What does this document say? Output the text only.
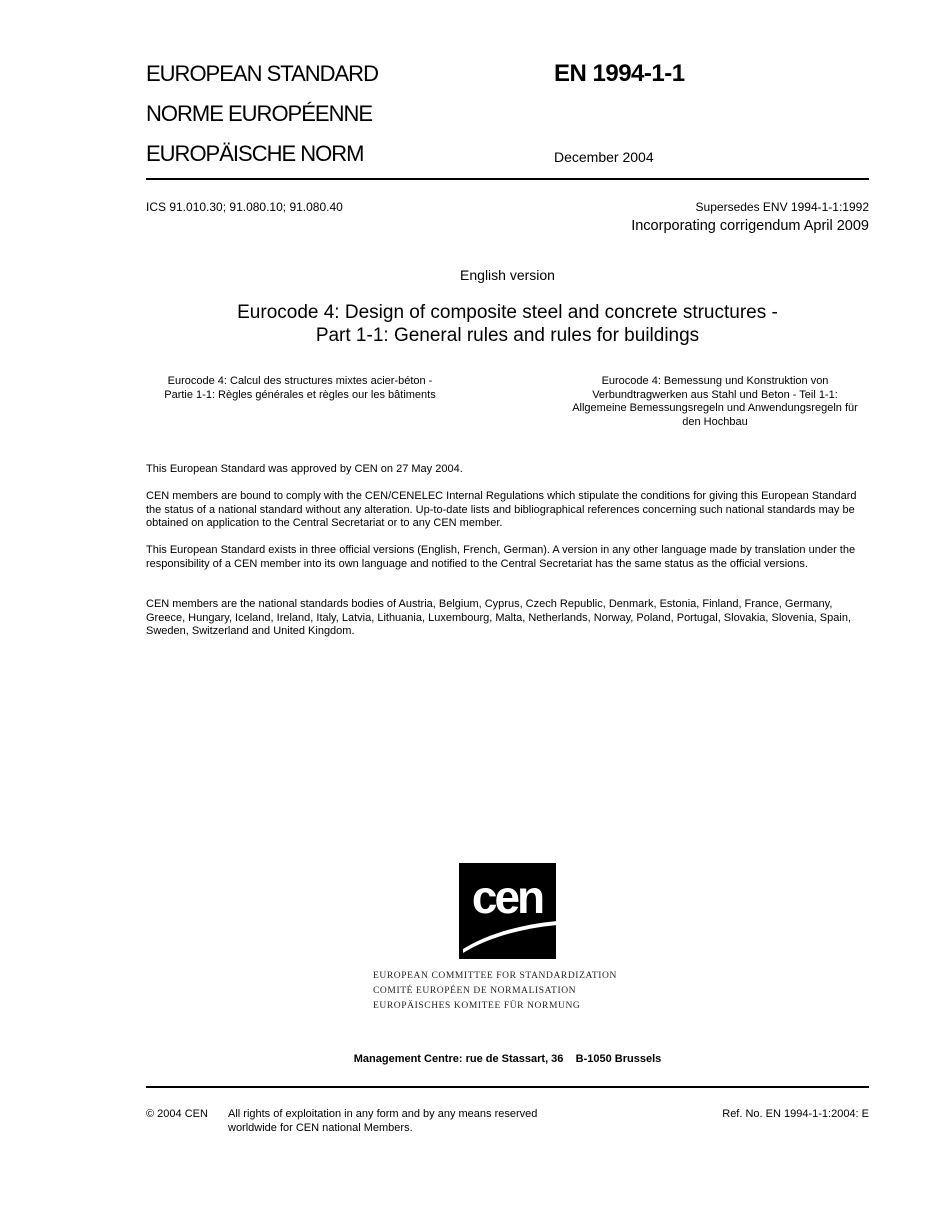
EUROPEAN STANDARD
NORME EUROPÉENNE
EUROPÄISCHE NORM
EN 1994-1-1
December 2004
ICS 91.010.30; 91.080.10; 91.080.40	Supersedes ENV 1994-1-1:1992
Incorporating corrigendum April 2009
English version
Eurocode 4: Design of composite steel and concrete structures -
Part 1-1: General rules and rules for buildings
Eurocode 4: Calcul des structures mixtes acier-béton -
Partie 1-1: Règles générales et règles our les bâtiments
Eurocode 4: Bemessung und Konstruktion von
Verbundtragwerken aus Stahl und Beton - Teil 1-1:
Allgemeine Bemessungsregeln und Anwendungsregeln für
den Hochbau
This European Standard was approved by CEN on 27 May 2004.
CEN members are bound to comply with the CEN/CENELEC Internal Regulations which stipulate the conditions for giving this European Standard the status of a national standard without any alteration. Up-to-date lists and bibliographical references concerning such national standards may be obtained on application to the Central Secretariat or to any CEN member.
This European Standard exists in three official versions (English, French, German). A version in any other language made by translation under the responsibility of a CEN member into its own language and notified to the Central Secretariat has the same status as the official versions.
CEN members are the national standards bodies of Austria, Belgium, Cyprus, Czech Republic, Denmark, Estonia, Finland, France, Germany, Greece, Hungary, Iceland, Ireland, Italy, Latvia, Lithuania, Luxembourg, Malta, Netherlands, Norway, Poland, Portugal, Slovakia, Slovenia, Spain, Sweden, Switzerland and United Kingdom.
cen
EUROPEAN COMMITTEE FOR STANDARDIZATION
COMITÉ EUROPÉEN DE NORMALISATION
EUROPÄISCHES KOMITEE FÜR NORMUNG
Management Centre: rue de Stassart, 36    B-1050 Brussels
© 2004 CEN All rights of exploitation in any form and by any means reserved
worldwide for CEN national Members.
Ref. No. EN 1994-1-1:2004: E
